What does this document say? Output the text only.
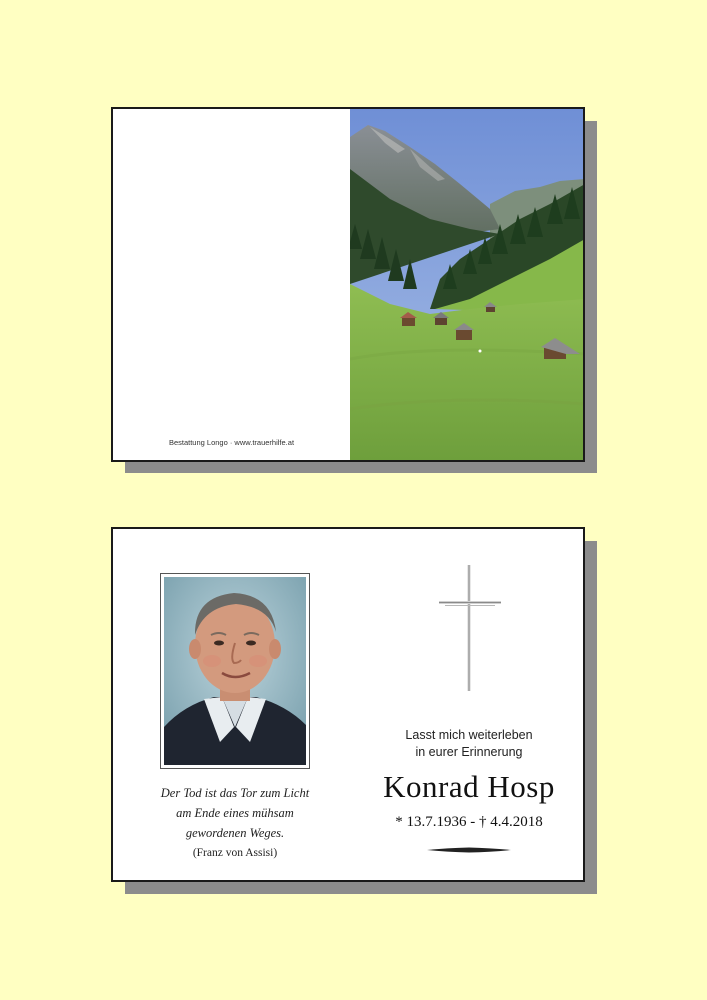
Bestattung Longo · www.trauerhilfe.at
Der Tod ist das Tor zum Licht
am Ende eines mühsam
gewordenen Weges.
(Franz von Assisi)
Lasst mich weiterleben
in eurer Erinnerung
Konrad Hosp
* 13.7.1936 - † 4.4.2018
